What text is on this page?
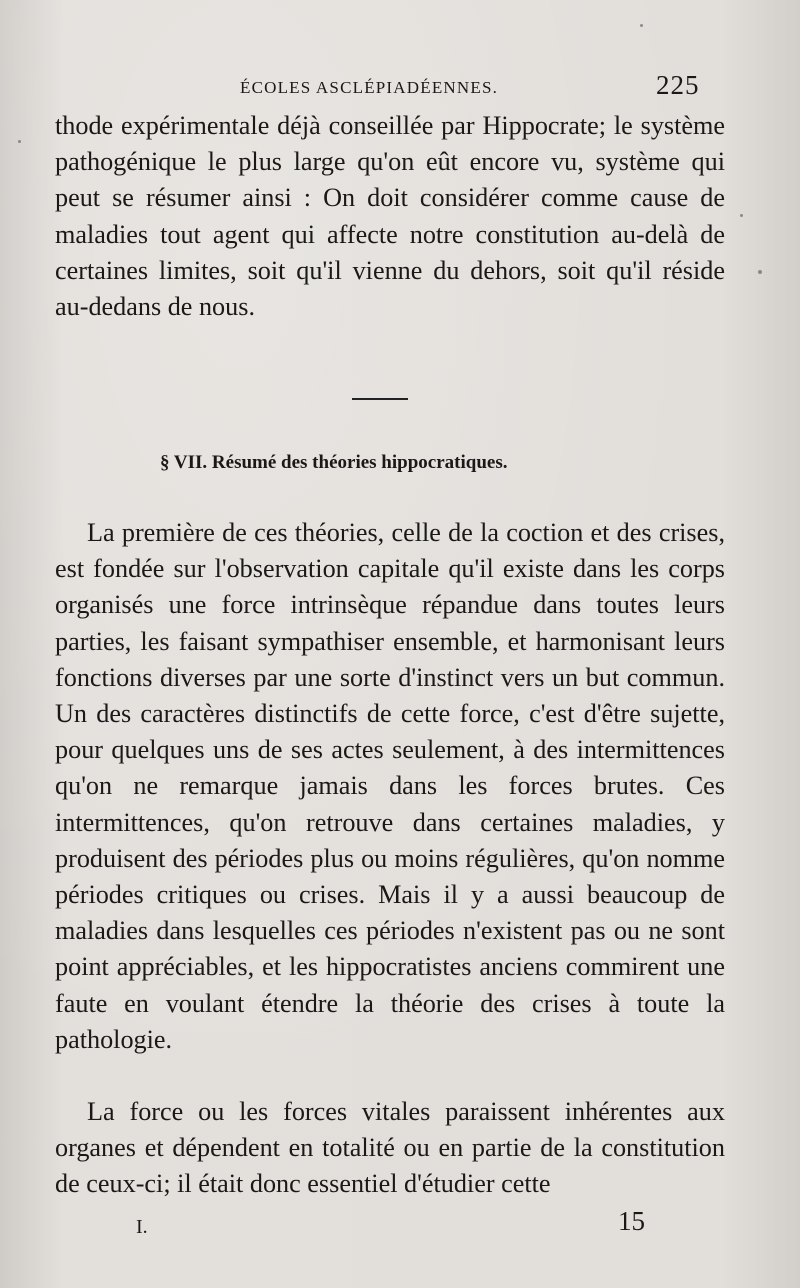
ÉCOLES ASCLÉPIADÉENNES.	225

thode expérimentale déjà conseillée par Hippocrate; le système pathogénique le plus large qu'on eût encore vu, système qui peut se résumer ainsi : On doit considérer comme cause de maladies tout agent qui affecte notre constitution au-delà de certaines limites, soit qu'il vienne du dehors, soit qu'il réside au-dedans de nous.

§ VII. Résumé des théories hippocratiques.

La première de ces théories, celle de la coction et des crises, est fondée sur l'observation capitale qu'il existe dans les corps organisés une force intrinsèque répandue dans toutes leurs parties, les faisant sympathiser ensemble, et harmonisant leurs fonctions diverses par une sorte d'instinct vers un but commun. Un des caractères distinctifs de cette force, c'est d'être sujette, pour quelques uns de ses actes seulement, à des intermittences qu'on ne remarque jamais dans les forces brutes. Ces intermittences, qu'on retrouve dans certaines maladies, y produisent des périodes plus ou moins régulières, qu'on nomme périodes critiques ou crises. Mais il y a aussi beaucoup de maladies dans lesquelles ces périodes n'existent pas ou ne sont point appréciables, et les hippocratistes anciens commirent une faute en voulant étendre la théorie des crises à toute la pathologie.

La force ou les forces vitales paraissent inhérentes aux organes et dépendent en totalité ou en partie de la constitution de ceux-ci; il était donc essentiel d'étudier cette

I.	15
